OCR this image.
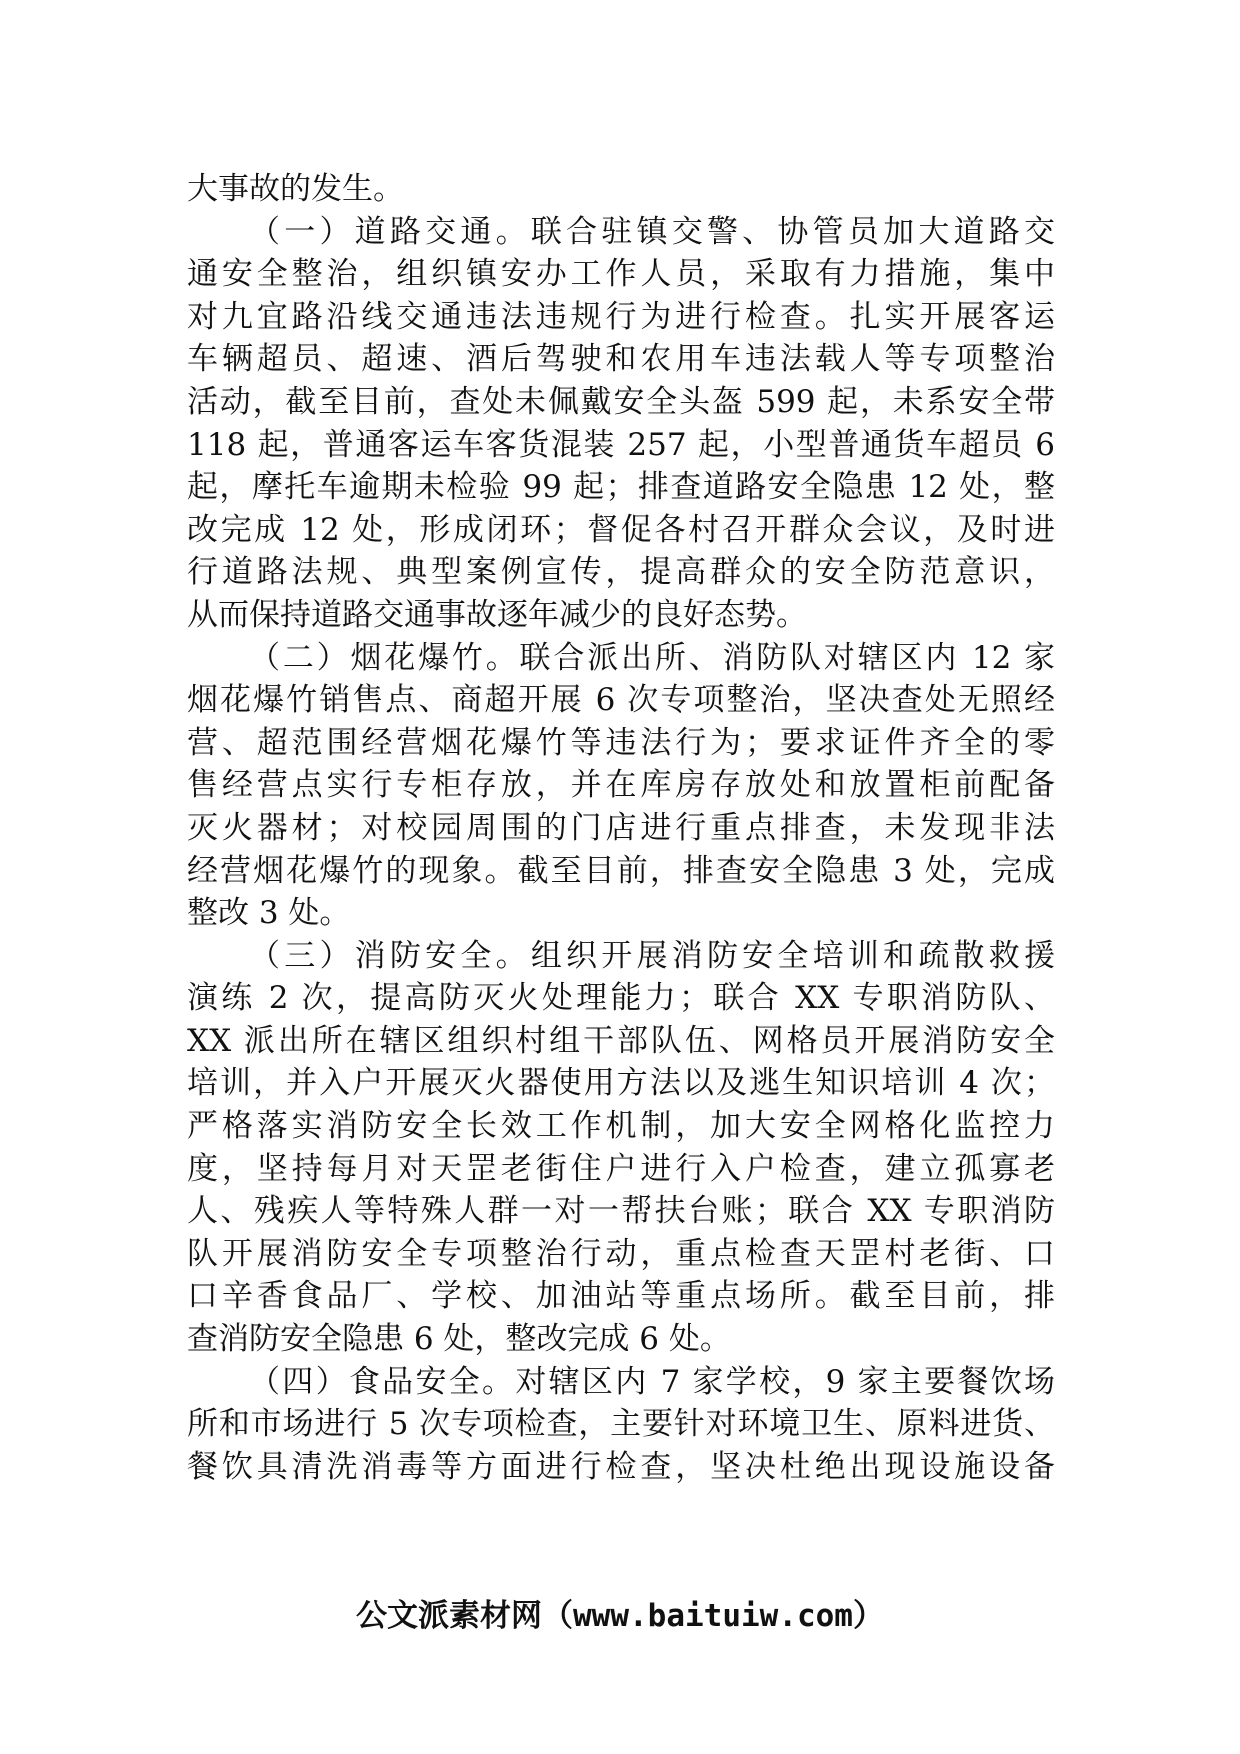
大事故的发生。
（一）道路交通。联合驻镇交警、协管员加大道路交
通安全整治，组织镇安办工作人员，采取有力措施，集中
对九宜路沿线交通违法违规行为进行检查。扎实开展客运
车辆超员、超速、酒后驾驶和农用车违法载人等专项整治
活动，截至目前，查处未佩戴安全头盔 599 起，未系安全带
118 起，普通客运车客货混装 257 起，小型普通货车超员 6
起，摩托车逾期未检验 99 起；排查道路安全隐患 12 处，整
改完成 12 处，形成闭环；督促各村召开群众会议，及时进
行道路法规、典型案例宣传，提高群众的安全防范意识，
从而保持道路交通事故逐年减少的良好态势。
（二）烟花爆竹。联合派出所、消防队对辖区内 12 家
烟花爆竹销售点、商超开展 6 次专项整治，坚决查处无照经
营、超范围经营烟花爆竹等违法行为；要求证件齐全的零
售经营点实行专柜存放，并在库房存放处和放置柜前配备
灭火器材；对校园周围的门店进行重点排查，未发现非法
经营烟花爆竹的现象。截至目前，排查安全隐患 3 处，完成
整改 3 处。
（三）消防安全。组织开展消防安全培训和疏散救援
演练 2 次，提高防灭火处理能力；联合 XX 专职消防队、
XX 派出所在辖区组织村组干部队伍、网格员开展消防安全
培训，并入户开展灭火器使用方法以及逃生知识培训 4 次；
严格落实消防安全长效工作机制，加大安全网格化监控力
度，坚持每月对天罡老街住户进行入户检查，建立孤寡老
人、残疾人等特殊人群一对一帮扶台账；联合 XX 专职消防
队开展消防安全专项整治行动，重点检查天罡村老街、口
口辛香食品厂、学校、加油站等重点场所。截至目前，排
查消防安全隐患 6 处，整改完成 6 处。
（四）食品安全。对辖区内 7 家学校，9 家主要餐饮场
所和市场进行 5 次专项检查，主要针对环境卫生、原料进货、
餐饮具清洗消毒等方面进行检查，坚决杜绝出现设施设备
公文派素材网（www.baituiw.com）
